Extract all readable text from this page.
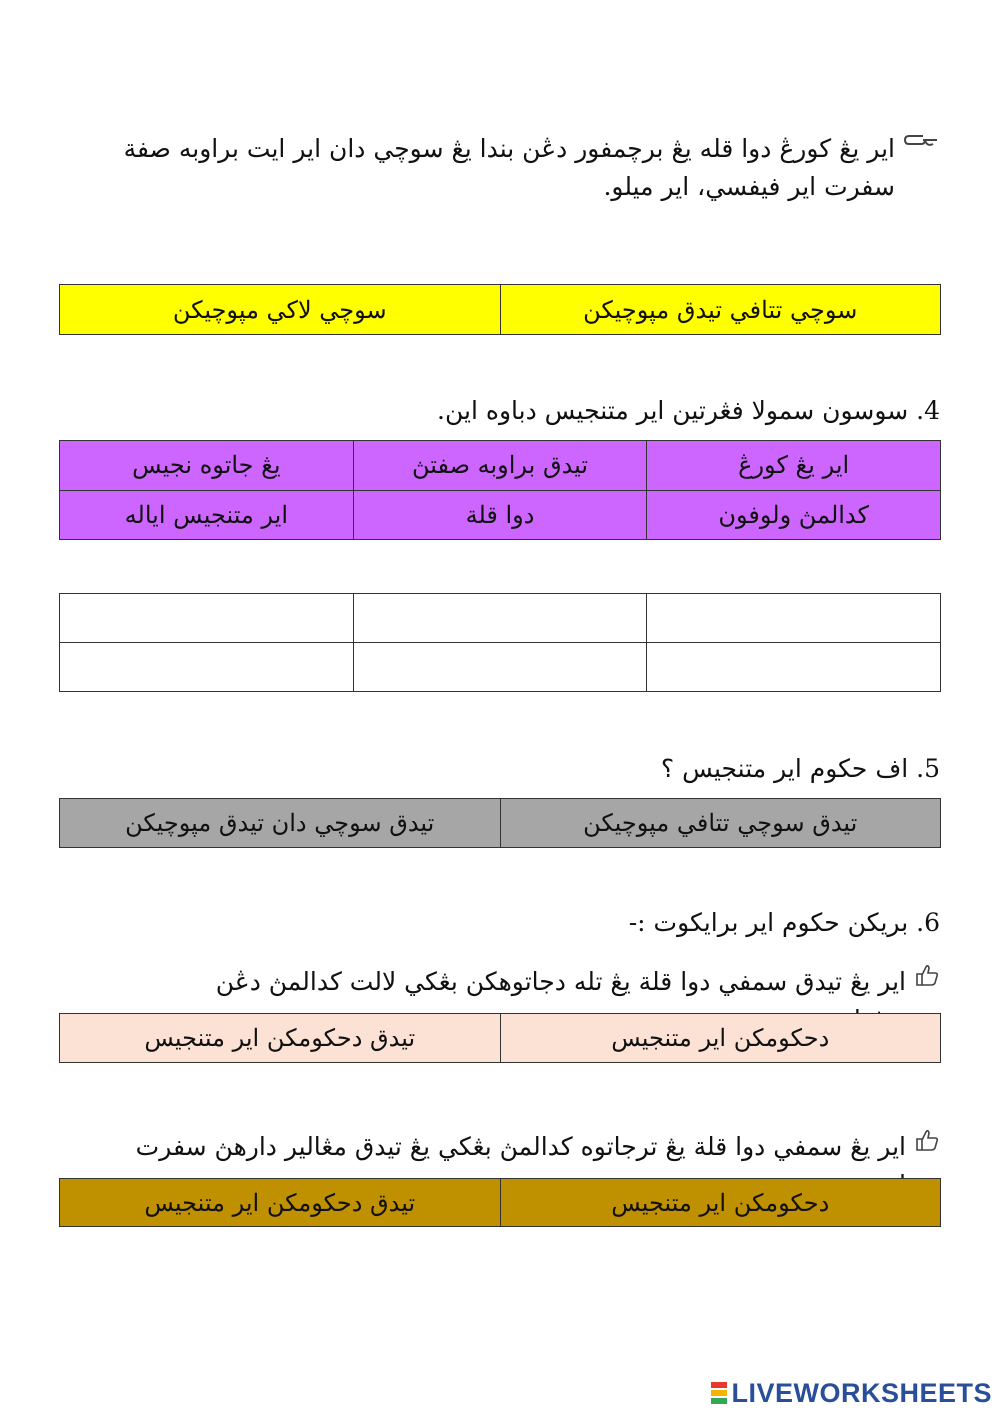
اير يڠ كورڠ دوا قله يڠ برچمفور دڠن بندا يڠ سوچي دان اير ايت براوبه صفة سفرت اير فيفسي، اير ميلو.
سوچي تتافي تيدق مپوچيكن	سوچي لاكي مپوچيكن
4. سوسون سمولا فڠرتين اير متنجيس دباوه اين.
اير يڠ كورڠ	تيدق براوبه صفتڽ	يڠ جاتوه نجيس
كدالمڽ ولوفون	دوا قلة	اير متنجيس اياله

5. اف حكوم اير متنجيس ؟
تيدق سوچي تتافي مپوچيكن	تيدق سوچي دان تيدق مپوچيكن
6. بريكن حكوم اير برايكوت :-
اير يڠ تيدق سمفي دوا قلة يڠ تله دجاتوهكن بڠكي لالت كدالمڽ دڠن
دحكومكن اير متنجيس	تيدق دحكومكن اير متنجيس
اير يڠ سمفي دوا قلة يڠ ترجاتوه كدالمڽ بڠكي يڠ تيدق مڠالير دارهڽ سفرت
دحكومكن اير متنجيس	تيدق دحكومكن اير متنجيس
LIVEWORKSHEETS
